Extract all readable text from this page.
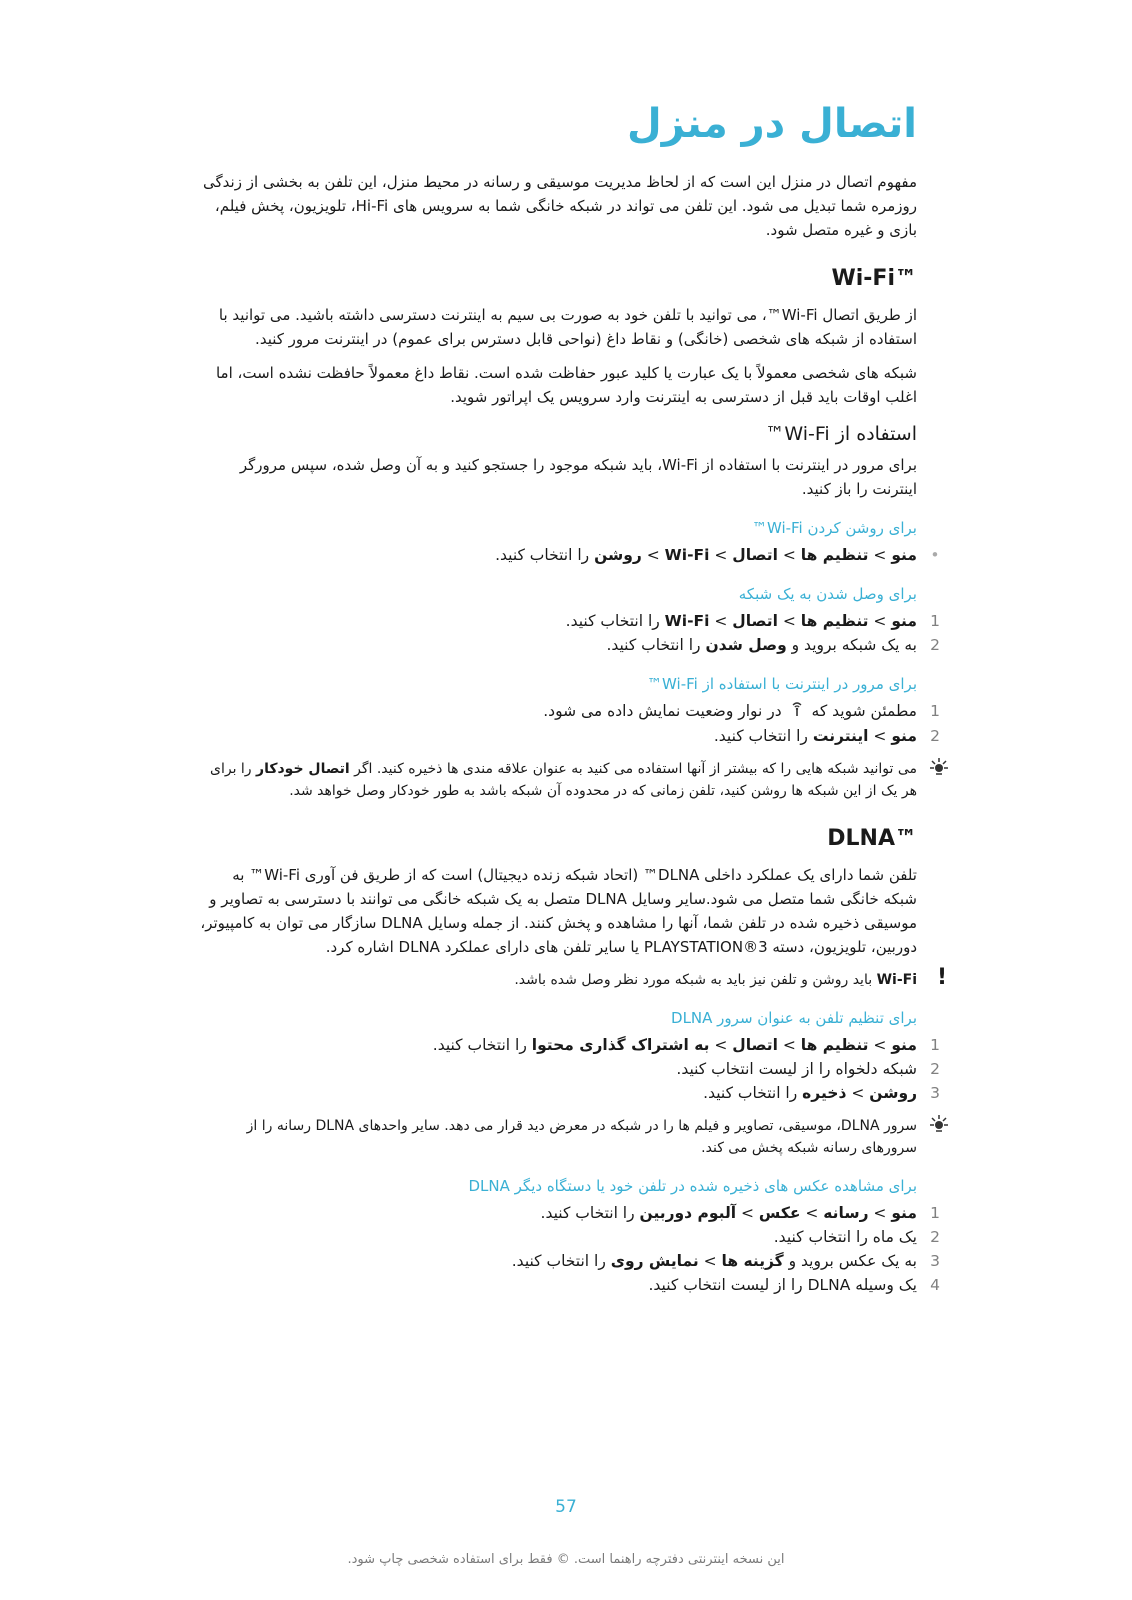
اتصال در منزل

مفهوم اتصال در منزل این است که از لحاظ مدیریت موسیقی و رسانه در محیط منزل، این تلفن به بخشی از زندگی روزمره شما تبدیل می شود. این تلفن می تواند در شبکه خانگی شما به سرویس های Hi-Fi، تلویزیون، پخش فیلم، بازی و غیره متصل شود.

Wi-Fi™

از طریق اتصال Wi-Fi™، می توانید با تلفن خود به صورت بی سیم به اینترنت دسترسی داشته باشید. می توانید با استفاده از شبکه های شخصی (خانگی) و نقاط داغ (نواحی قابل دسترس برای عموم) در اینترنت مرور کنید.

شبکه های شخصی معمولاً با یک عبارت یا کلید عبور حفاظت شده است. نقاط داغ معمولاً حافظت نشده است، اما اغلب اوقات باید قبل از دسترسی به اینترنت وارد سرویس یک اپراتور شوید.

استفاده از Wi-Fi™

برای مرور در اینترنت با استفاده از Wi-Fi، باید شبکه موجود را جستجو کنید و به آن وصل شده، سپس مرورگر اینترنت را باز کنید.

برای روشن کردن Wi-Fi™
•
منو > تنظیم ها > اتصال > Wi-Fi > روشن را انتخاب کنید.
برای وصل شدن به یک شبکه
1
منو > تنظیم ها > اتصال > Wi-Fi را انتخاب کنید.
2
به یک شبکه بروید و وصل شدن را انتخاب کنید.
برای مرور در اینترنت با استفاده از Wi-Fi™
1
مطمئن شوید که  در نوار وضعیت نمایش داده می شود.
2
منو > اینترنت را انتخاب کنید.
می توانید شبکه هایی را که بیشتر از آنها استفاده می کنید به عنوان علاقه مندی ها ذخیره کنید. اگر اتصال خودکار را برای هر یک از این شبکه ها روشن کنید، تلفن زمانی که در محدوده آن شبکه باشد به طور خودکار وصل خواهد شد.
DLNA™

تلفن شما دارای یک عملکرد داخلی DLNA™ (اتحاد شبکه زنده دیجیتال) است که از طریق فن آوری Wi-Fi™ به شبکه خانگی شما متصل می شود.سایر وسایل DLNA متصل به یک شبکه خانگی می توانند با دسترسی به تصاویر و موسیقی ذخیره شده در تلفن شما، آنها را مشاهده و پخش کنند. از جمله وسایل DLNA سازگار می توان به کامپیوتر، دوربین، تلویزیون، دسته PLAYSTATION®3 یا سایر تلفن های دارای عملکرد DLNA اشاره کرد.

!
Wi-Fi باید روشن و تلفن نیز باید به شبکه مورد نظر وصل شده باشد.
برای تنظیم تلفن به عنوان سرور DLNA
1
منو > تنظیم ها > اتصال > به اشتراک گذاری محتوا را انتخاب کنید.
2
شبکه دلخواه را از لیست انتخاب کنید.
3
روشن > ذخیره را انتخاب کنید.
سرور DLNA، موسیقی، تصاویر و فیلم ها را در شبکه در معرض دید قرار می دهد. سایر واحدهای DLNA رسانه را از سرورهای رسانه شبکه پخش می کند.
برای مشاهده عکس های ذخیره شده در تلفن خود یا دستگاه دیگر DLNA
1
منو > رسانه > عکس > آلبوم دوربین را انتخاب کنید.
2
یک ماه را انتخاب کنید.
3
به یک عکس بروید و گزینه ها > نمایش روی را انتخاب کنید.
4
یک وسیله DLNA را از لیست انتخاب کنید.
57
این نسخه اینترنتی دفترچه راهنما است. © فقط برای استفاده شخصی چاپ شود.
